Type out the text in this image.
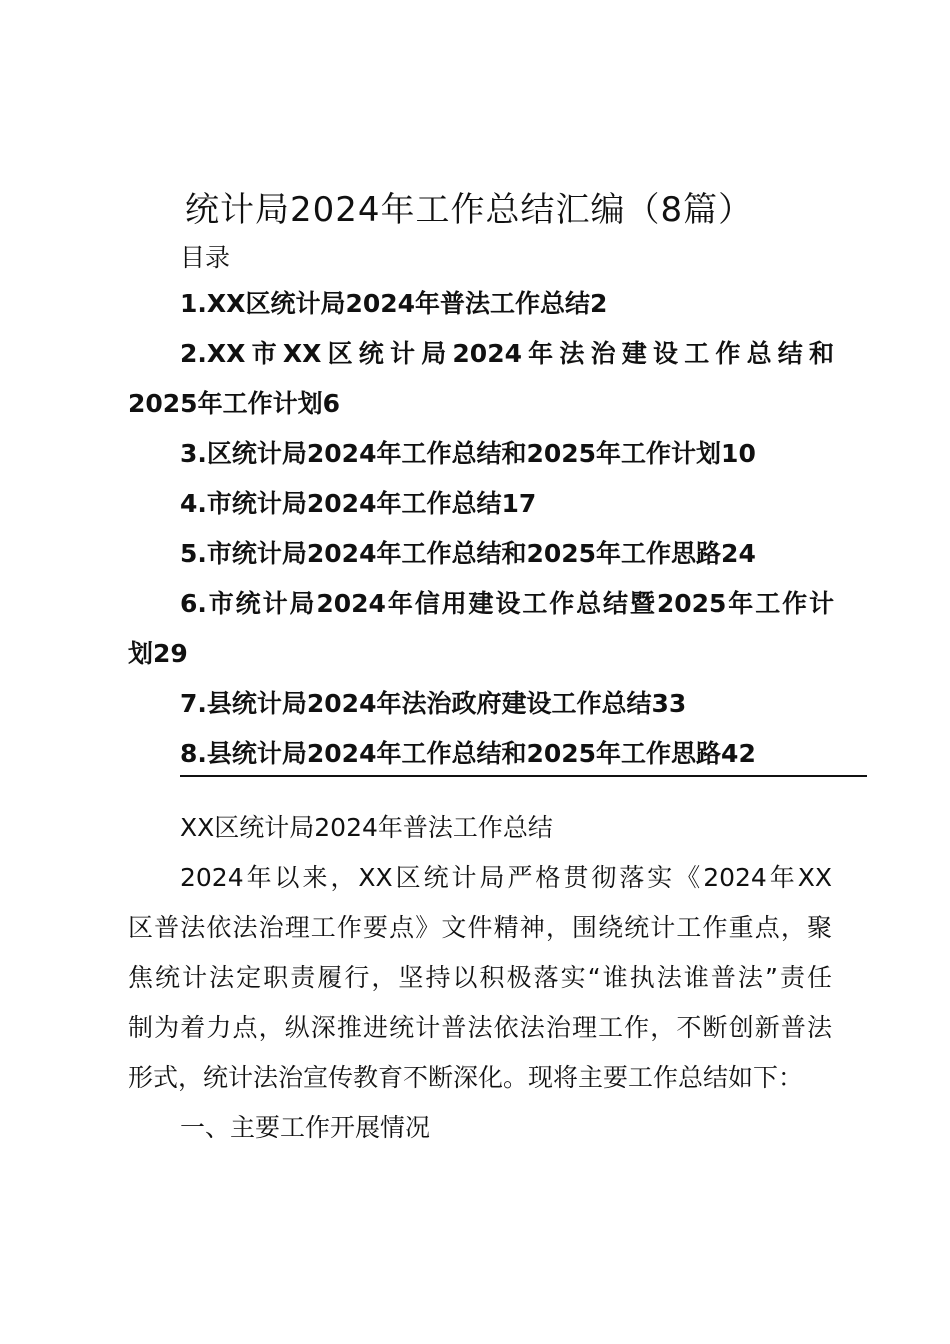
统计局2024年工作总结汇编（8篇）
目录
1.XX区统计局2024年普法工作总结2
2.XX市XX区统计局2024年法治建设工作总结和
2025年工作计划6
3.区统计局2024年工作总结和2025年工作计划10
4.市统计局2024年工作总结17
5.市统计局2024年工作总结和2025年工作思路24
6.市统计局2024年信用建设工作总结暨2025年工作计
划29
7.县统计局2024年法治政府建设工作总结33
8.县统计局2024年工作总结和2025年工作思路42
XX区统计局2024年普法工作总结
2024年以来，XX区统计局严格贯彻落实《2024年XX
区普法依法治理工作要点》文件精神，围绕统计工作重点，聚
焦统计法定职责履行，坚持以积极落实“谁执法谁普法”责任
制为着力点，纵深推进统计普法依法治理工作，不断创新普法
形式，统计法治宣传教育不断深化。现将主要工作总结如下：
一、主要工作开展情况
